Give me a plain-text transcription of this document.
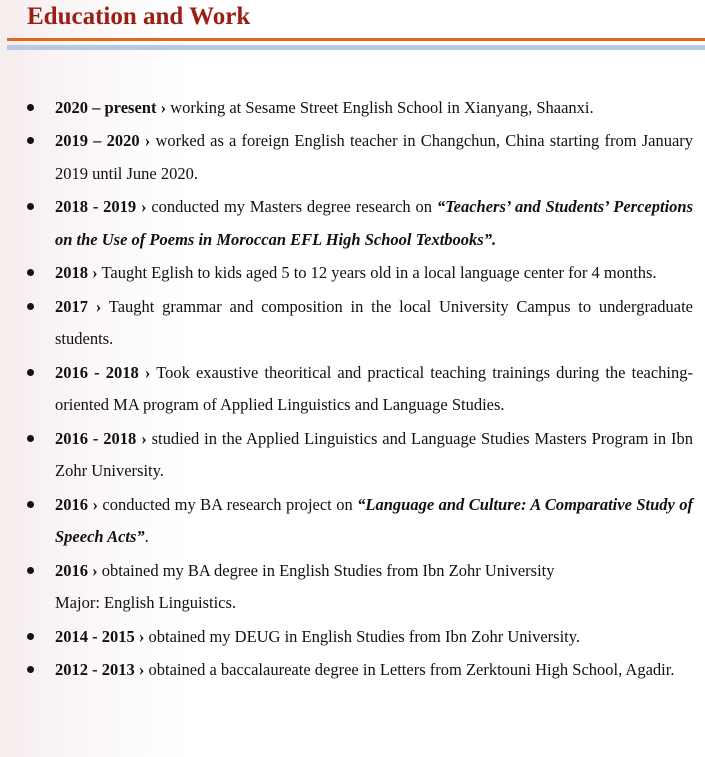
Education and Work
2020 – present › working at Sesame Street English School in Xianyang, Shaanxi.
2019 – 2020 › worked as a foreign English teacher in Changchun, China starting from January 2019 until June 2020.
2018 - 2019 › conducted my Masters degree research on “Teachers’ and Students’ Perceptions on the Use of Poems in Moroccan EFL High School Textbooks”.
2018 › Taught Eglish to kids aged 5 to 12 years old in a local language center for 4 months.
2017 › Taught grammar and composition in the local University Campus to undergraduate students.
2016 - 2018 › Took exaustive theoritical and practical teaching trainings during the teaching-oriented MA program of Applied Linguistics and Language Studies.
2016 - 2018 › studied in the Applied Linguistics and Language Studies Masters Program in Ibn Zohr University.
2016 › conducted my BA research project on “Language and Culture: A Comparative Study of Speech Acts”.
2016 › obtained my BA degree in English Studies from Ibn Zohr University
Major: English Linguistics.
2014 - 2015 › obtained my DEUG in English Studies from Ibn Zohr University.
2012 - 2013 › obtained a baccalaureate degree in Letters from Zerktouni High School, Agadir.
